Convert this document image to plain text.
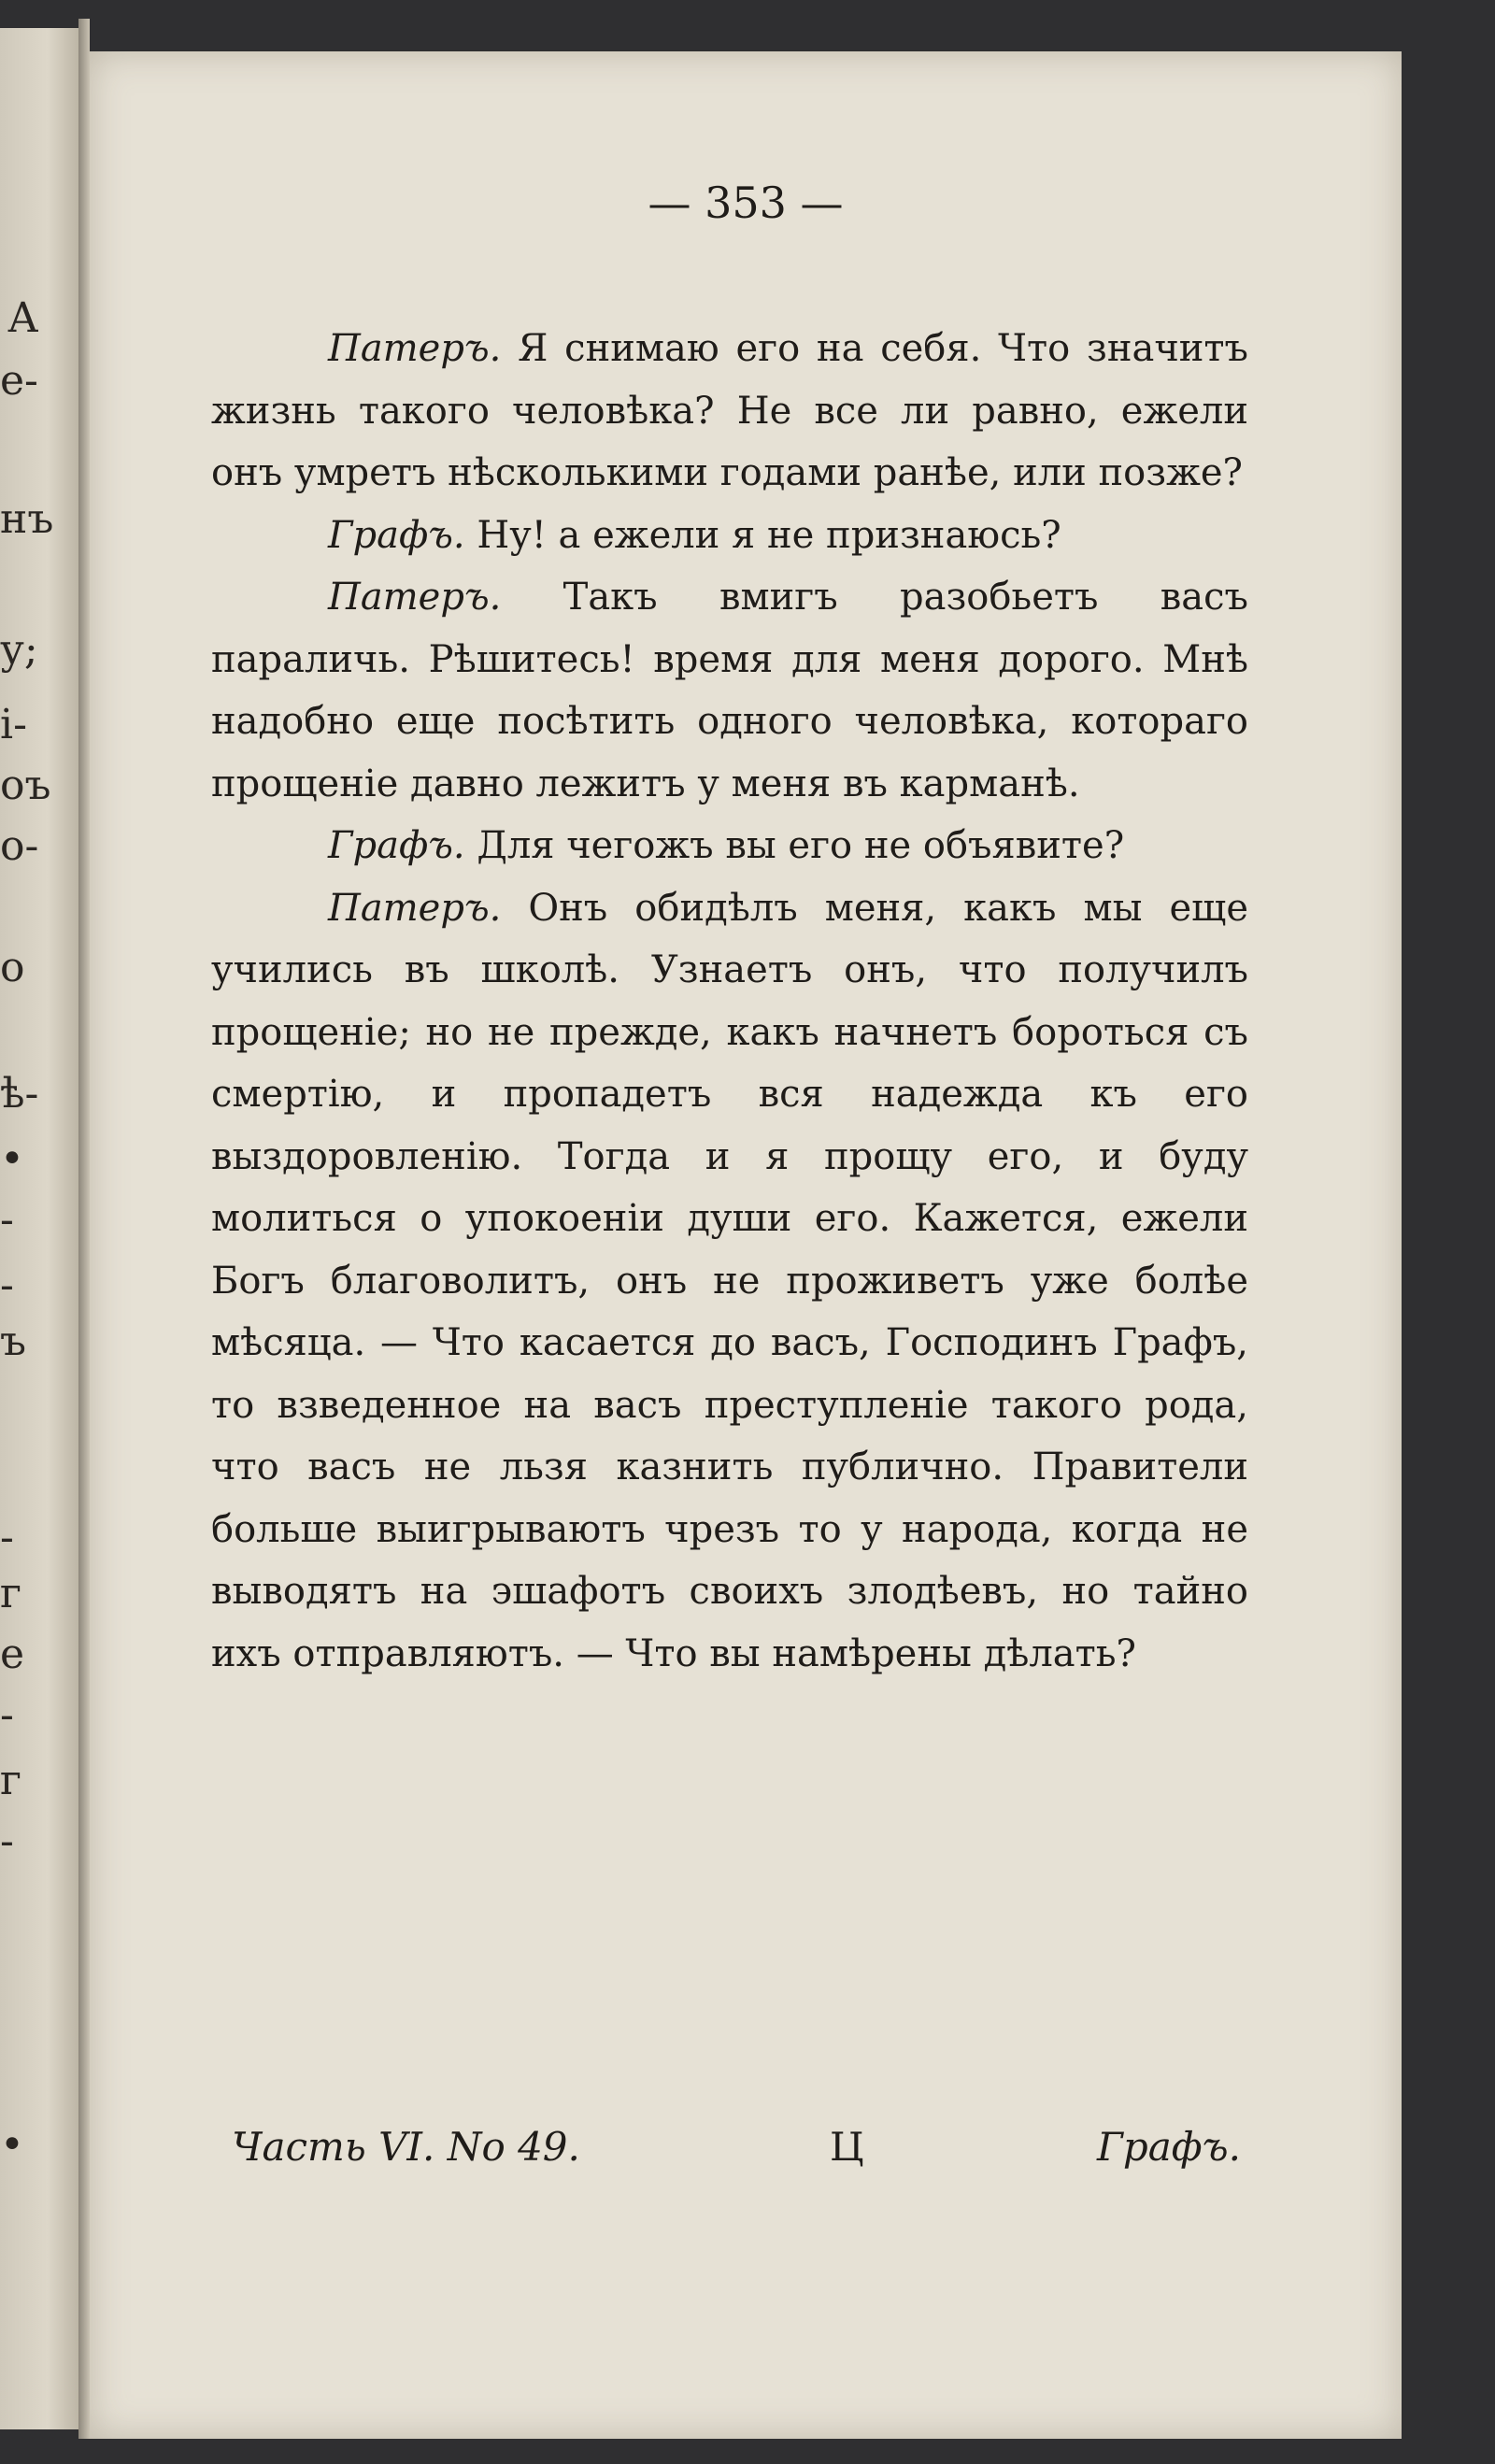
А
е-
нъ
у;
і-
оъ
о-
о
ѣ-
•
-
-
ъ
-
г
е
-
г
-
•
— 353 —

Патеръ. Я снимаю его на себя. Что значитъ жизнь такого человѣка? Не все ли равно, ежели онъ умретъ нѣсколькими годами ранѣе, или позже?

Графъ. Ну! а ежели я не признаюсь?

Патеръ. Такъ вмигъ разобьетъ васъ параличь. Рѣшитесь! время для меня дорого. Мнѣ надобно еще посѣтить одного человѣка, котораго прощенiе давно лежитъ у меня въ карманѣ.

Графъ. Для чегожъ вы его не объявите?

Патеръ. Онъ обидѣлъ меня, какъ мы еще учились въ школѣ. Узнаетъ онъ, что получилъ прощенiе; но не прежде, какъ начнетъ бороться съ смертiю, и пропадетъ вся надежда къ его выздоровленiю. Тогда и я прощу его, и буду молиться о упокоенiи души его. Кажется, ежели Богъ благоволитъ, онъ не проживетъ уже болѣе мѣсяца. — Что касается до васъ, Господинъ Графъ, то взведенное на васъ преступленiе такого рода, что васъ не льзя казнить публично. Правители больше выигрываютъ чрезъ то у народа, когда не выводятъ на эшафотъ своихъ злодѣевъ, но тайно ихъ отправляютъ. — Что вы намѣрены дѣлать?

Часть VI. No 49.	Ц	Графъ.
